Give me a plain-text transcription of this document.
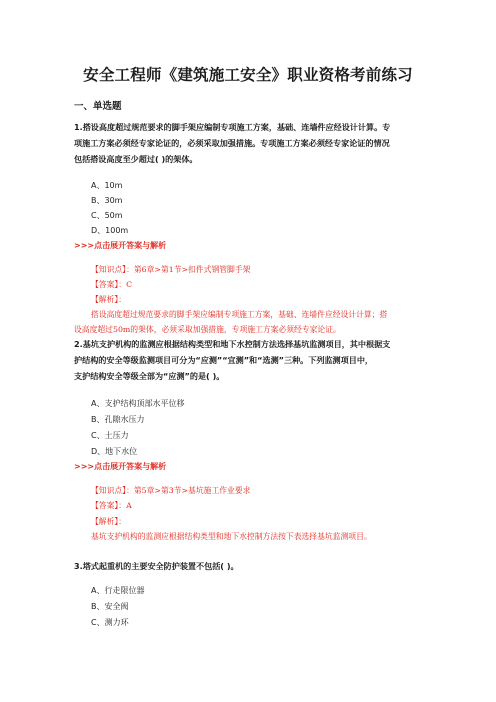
安全工程师《建筑施工安全》职业资格考前练习
一、单选题
1.搭设高度超过规范要求的脚手架应编制专项施工方案，基础、连墙件应经设计计算。专
项施工方案必须经专家论证的，必须采取加强措施。专项施工方案必须经专家论证的情况
包括搭设高度至少超过( )的架体。
A、10m
B、30m
C、50m
D、100m
>>>点击展开答案与解析
【知识点】：第6章>第1节>扣件式钢管脚手架
【答案】：C
【解析】：
搭设高度超过规范要求的脚手架应编制专项施工方案，基础、连墙件应经设计计算；搭
设高度超过50m的架体，必须采取加强措施，专项施工方案必须经专家论证。
2.基坑支护机构的监测应根据结构类型和地下水控制方法选择基坑监测项目，其中根据支
护结构的安全等级监测项目可分为“应测”“宜测”和“选测”三种。下列监测项目中，
支护结构安全等级全部为“应测”的是( )。
A、支护结构顶部水平位移
B、孔隙水压力
C、土压力
D、地下水位
>>>点击展开答案与解析
【知识点】：第5章>第3节>基坑施工作业要求
【答案】：A
【解析】：
基坑支护机构的监测应根据结构类型和地下水控制方法按下表选择基坑监测项目。
3.塔式起重机的主要安全防护装置不包括( )。
A、行走限位器
B、安全阀
C、测力环
